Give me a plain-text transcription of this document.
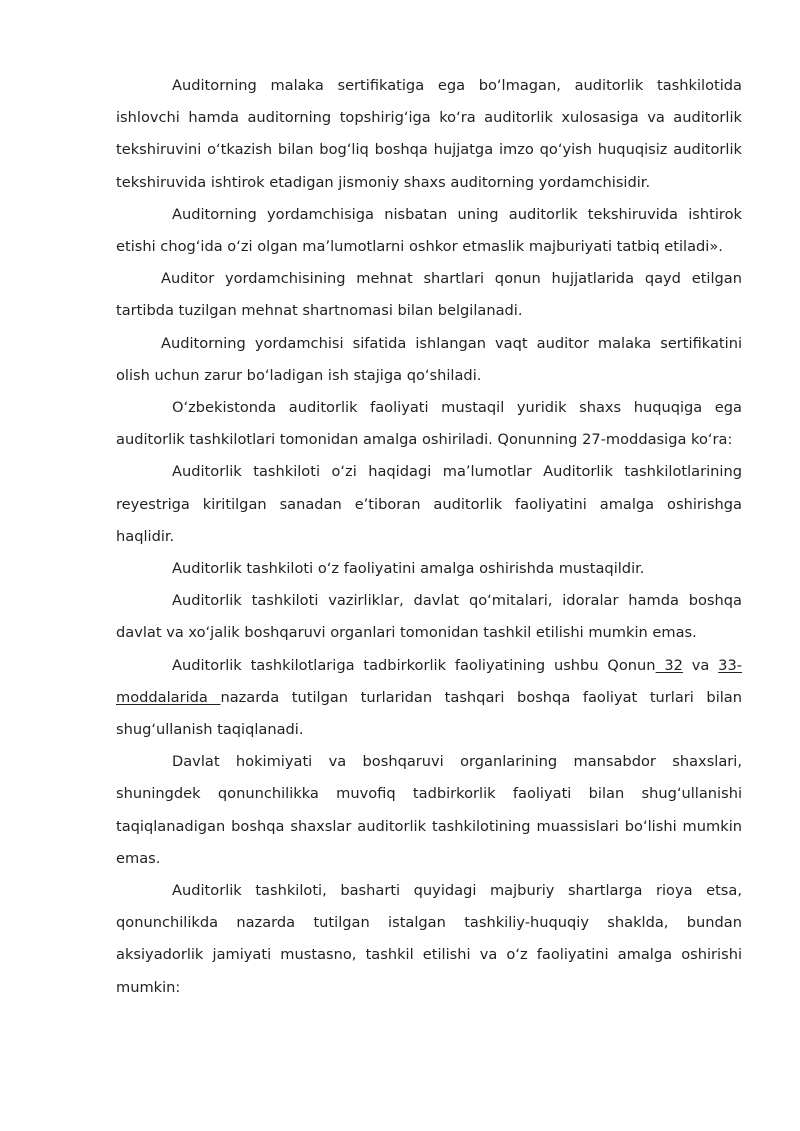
Auditorning malaka sertifikatiga ega bo‘lmagan, auditorlik tashkilotida ishlovchi hamda auditorning topshirig‘iga ko‘ra auditorlik xulosasiga va auditorlik tekshiruvini o‘tkazish bilan bog‘liq boshqa hujjatga imzo qo‘yish huquqisiz auditorlik tekshiruvida ishtirok etadigan jismoniy shaxs auditorning yordamchisidir.

Auditorning yordamchisiga nisbatan uning auditorlik tekshiruvida ishtirok etishi chog‘ida o‘zi olgan ma’lumotlarni oshkor etmaslik majburiyati tatbiq etiladi».

Auditor yordamchisining mehnat shartlari qonun hujjatlarida qayd etilgan tartibda tuzilgan mehnat shartnomasi bilan belgilanadi.

Auditorning yordamchisi sifatida ishlangan vaqt auditor malaka sertifikatini olish uchun zarur bo‘ladigan ish stajiga qo‘shiladi.

O‘zbekistonda auditorlik faoliyati mustaqil yuridik shaxs huquqiga ega auditorlik tashkilotlari tomonidan amalga oshiriladi. Qonunning 27-moddasiga ko‘ra:

Auditorlik tashkiloti o‘zi haqidagi ma’lumotlar Auditorlik tashkilotlarining reyestriga kiritilgan sanadan e’tiboran auditorlik faoliyatini amalga oshirishga haqlidir.

Auditorlik tashkiloti o‘z faoliyatini amalga oshirishda mustaqildir.

Auditorlik tashkiloti vazirliklar, davlat qo‘mitalari, idoralar hamda boshqa davlat va xo‘jalik boshqaruvi organlari tomonidan tashkil etilishi mumkin emas.

Auditorlik tashkilotlariga tadbirkorlik faoliyatining ushbu Qonun 32 va 33-moddalarida nazarda tutilgan turlaridan tashqari boshqa faoliyat turlari bilan shug‘ullanish taqiqlanadi.

Davlat hokimiyati va boshqaruvi organlarining mansabdor shaxslari, shuningdek qonunchilikka muvofiq tadbirkorlik faoliyati bilan shug‘ullanishi taqiqlanadigan boshqa shaxslar auditorlik tashkilotining muassislari bo‘lishi mumkin emas.

Auditorlik tashkiloti, basharti quyidagi majburiy shartlarga rioya etsa, qonunchilikda nazarda tutilgan istalgan tashkiliy-huquqiy shaklda, bundan aksiyadorlik jamiyati mustasno, tashkil etilishi va o‘z faoliyatini amalga oshirishi mumkin:
